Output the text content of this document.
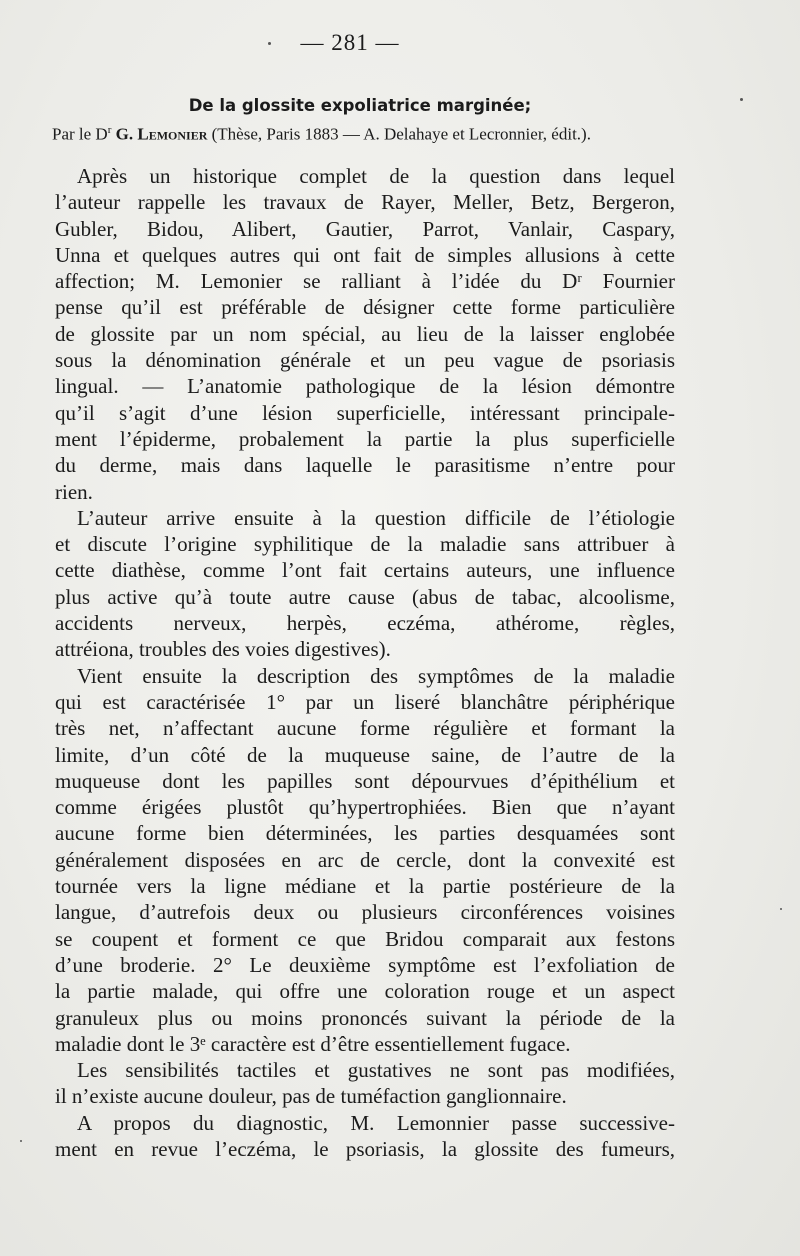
— 281 —
De la glossite expoliatrice marginée;
Par le $D^r$ G. Lemonier (Thèse, Paris 1883 — A. Delahaye et Lecronnier, édit.).
Après un historique complet de la question dans lequel
l’auteur rappelle les travaux de Rayer, Meller, Betz, Bergeron,
Gubler, Bidou, Alibert, Gautier, Parrot, Vanlair, Caspary,
Unna et quelques autres qui ont fait de simples allusions à cette
affection; M. Lemonier se ralliant à l’idée du Dʳ Fournier
pense qu’il est préférable de désigner cette forme particulière
de glossite par un nom spécial, au lieu de la laisser englobée
sous la dénomination générale et un peu vague de psoriasis
lingual. — L’anatomie pathologique de la lésion démontre
qu’il s’agit d’une lésion superficielle, intéressant principale-
ment l’épiderme, probalement la partie la plus superficielle
du derme, mais dans laquelle le parasitisme n’entre pour
rien.
L’auteur arrive ensuite à la question difficile de l’étiologie
et discute l’origine syphilitique de la maladie sans attribuer à
cette diathèse, comme l’ont fait certains auteurs, une influence
plus active qu’à toute autre cause (abus de tabac, alcoolisme,
accidents nerveux, herpès, eczéma, athérome, règles,
attréiona, troubles des voies digestives).
Vient ensuite la description des symptômes de la maladie
qui est caractérisée 1° par un liseré blanchâtre périphérique
très net, n’affectant aucune forme régulière et formant la
limite, d’un côté de la muqueuse saine, de l’autre de la
muqueuse dont les papilles sont dépourvues d’épithélium et
comme érigées plustôt qu’hypertrophiées. Bien que n’ayant
aucune forme bien déterminées, les parties desquamées sont
généralement disposées en arc de cercle, dont la convexité est
tournée vers la ligne médiane et la partie postérieure de la
langue, d’autrefois deux ou plusieurs circonférences voisines
se coupent et forment ce que Bridou comparait aux festons
d’une broderie. 2° Le deuxième symptôme est l’exfoliation de
la partie malade, qui offre une coloration rouge et un aspect
granuleux plus ou moins prononcés suivant la période de la
maladie dont le 3ᵉ caractère est d’être essentiellement fugace.
Les sensibilités tactiles et gustatives ne sont pas modifiées,
il n’existe aucune douleur, pas de tuméfaction ganglionnaire.
A propos du diagnostic, M. Lemonnier passe successive-
ment en revue l’eczéma, le psoriasis, la glossite des fumeurs,
